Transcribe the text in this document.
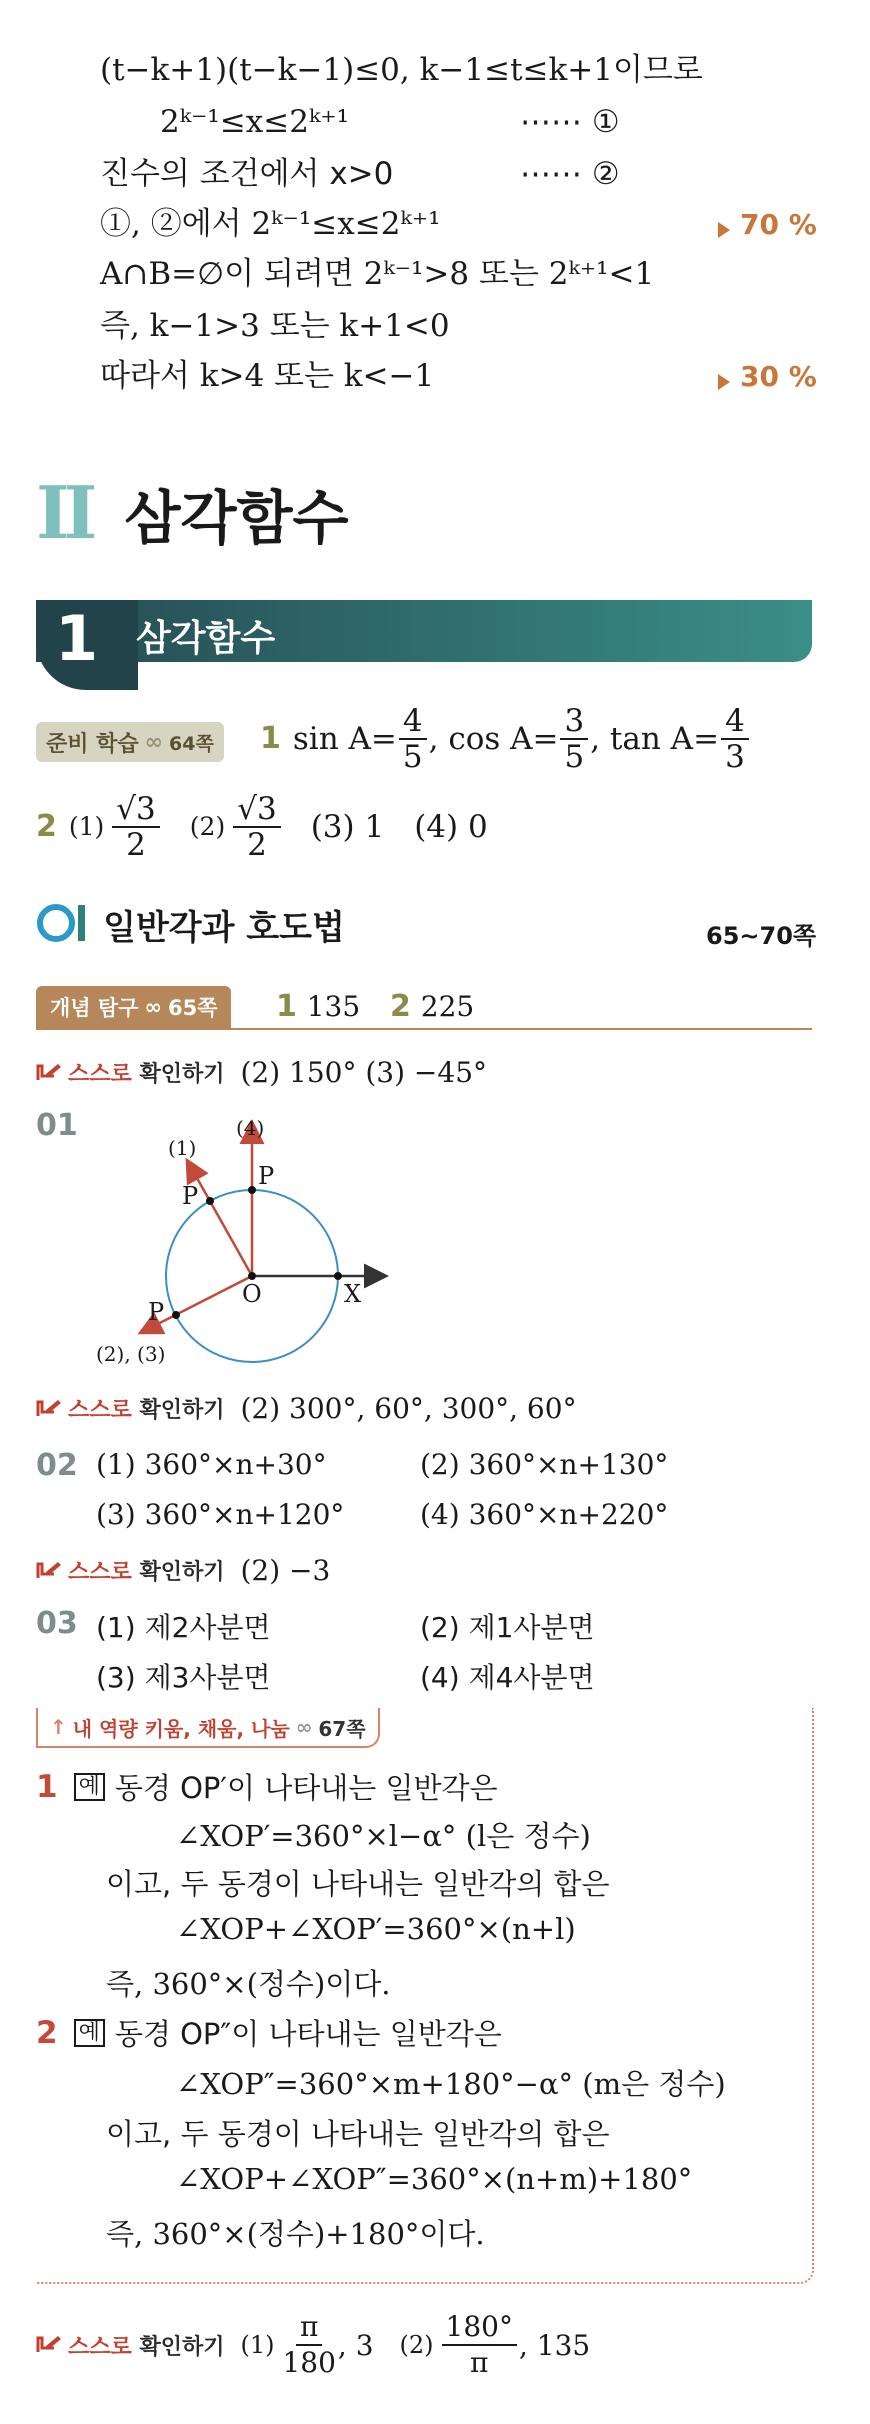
(t−k+1)(t−k−1)≤0, k−1≤t≤k+1이므로
2ᵏ⁻¹≤x≤2ᵏ⁺¹	⋯⋯ ①
진수의 조건에서 x>0	⋯⋯ ②
①, ②에서 2ᵏ⁻¹≤x≤2ᵏ⁺¹	70 %
A∩B=∅이 되려면 2ᵏ⁻¹>8 또는 2ᵏ⁺¹<1
즉, k−1>3 또는 k+1<0
따라서 k>4 또는 k<−1	30 %
II 삼각함수
1 삼각함수
준비 학습 ∞ 64쪽 1 $\sin A= \frac{4}{5}$ , $\cos A= \frac{3}{5}$ , $\tan A= \frac{4}{3}$
2 $(1) \frac{√3}{2} (2) \frac{√3}{2} (3)$ 1 (4) 0
일반각과 호도법	65~70쪽
개념 탐구 ∞ 65쪽 1 135 2 225
스스로 확인하기 (2) 150° (3) −45°
01
(1)
(4)
P
P
P
O	X
(2), (3)
스스로 확인하기 (2) 300°, 60°, 300°, 60°
02 (1) 360°×n+30°	(2) 360°×n+130°
(3) 360°×n+120°	(4) 360°×n+220°
스스로 확인하기 (2) −3
03 (1) 제2사분면	(2) 제1사분면
(3) 제3사분면	(4) 제4사분면
↑ 내 역량 키움, 채움, 나눔 ∞ 67쪽
1 예 동경 OP′이 나타내는 일반각은
∠XOP′=360°×l−α° (l은 정수)
이고, 두 동경이 나타내는 일반각의 합은
∠XOP+∠XOP′=360°×(n+l)
즉, 360°×(정수)이다.
2 예 동경 OP″이 나타내는 일반각은
∠XOP″=360°×m+180°−α° (m은 정수)
이고, 두 동경이 나타내는 일반각의 합은
∠XOP+∠XOP″=360°×(n+m)+180°
즉, 360°×(정수)+180°이다.
스스로 확인하기 $(1) \frac{\pi}{180}$ , 3 $(2) \frac{180^\circ}{\pi}$ , 135
